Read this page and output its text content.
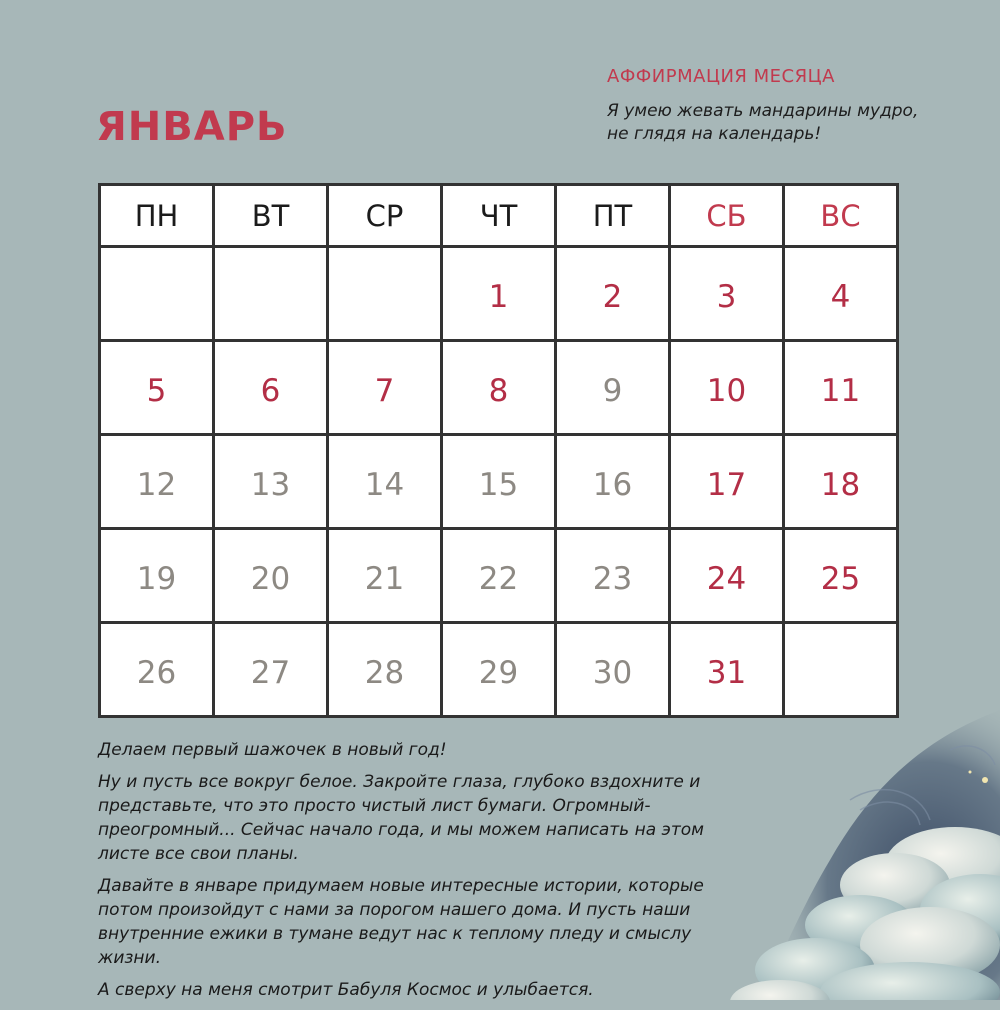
ЯНВАРЬ
АФФИРМАЦИЯ МЕСЯЦА
Я умею жевать мандарины мудро, не глядя на календарь!
ПН	ВТ	СР	ЧТ	ПТ	СБ	ВС
			1	2	3	4
5	6	7	8	9	10	11
12	13	14	15	16	17	18
19	20	21	22	23	24	25
26	27	28	29	30	31	

Делаем первый шажочек в новый год!

Ну и пусть все вокруг белое. Закройте глаза, глубоко вздохните и представьте, что это просто чистый лист бумаги. Огромный-преогромный... Сейчас начало года, и мы можем написать на этом листе все свои планы.

Давайте в январе придумаем новые интересные истории, которые потом произойдут с нами за порогом нашего дома. И пусть наши внутренние ежики в тумане ведут нас к теплому пледу и смыслу жизни.

А сверху на меня смотрит Бабуля Космос и улыбается.
